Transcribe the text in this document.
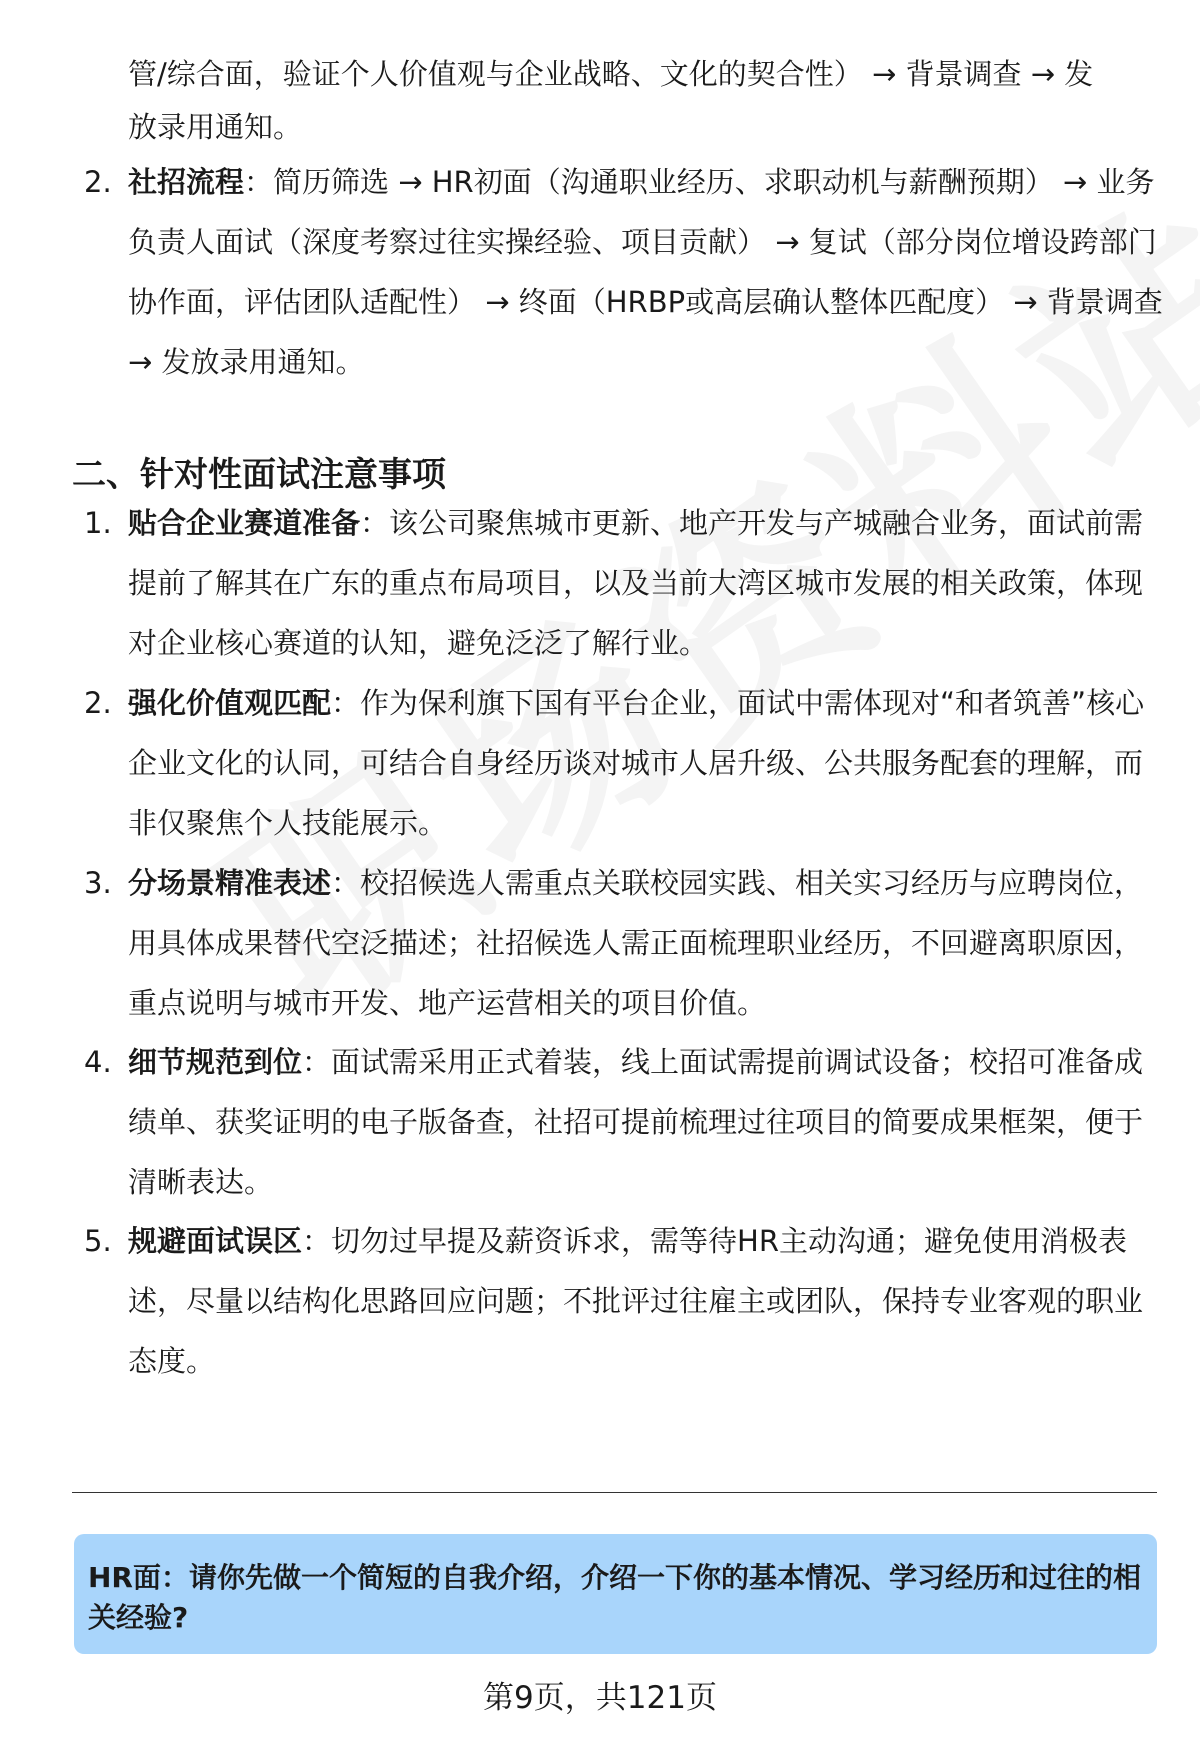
管/综合面，验证个人价值观与企业战略、文化的契合性） → 背景调查 → 发
放录用通知。
2. 社招流程：简历筛选 → HR初面（沟通职业经历、求职动机与薪酬预期） → 业务负责人面试（深度考察过往实操经验、项目贡献） → 复试（部分岗位增设跨部门协作面，评估团队适配性） → 终面（HRBP或高层确认整体匹配度） → 背景调查 → 发放录用通知。
二、针对性面试注意事项
1. 贴合企业赛道准备：该公司聚焦城市更新、地产开发与产城融合业务，面试前需提前了解其在广东的重点布局项目，以及当前大湾区城市发展的相关政策，体现对企业核心赛道的认知，避免泛泛了解行业。
2. 强化价值观匹配：作为保利旗下国有平台企业，面试中需体现对“和者筑善”核心企业文化的认同，可结合自身经历谈对城市人居升级、公共服务配套的理解，而非仅聚焦个人技能展示。
3. 分场景精准表述：校招候选人需重点关联校园实践、相关实习经历与应聘岗位，用具体成果替代空泛描述；社招候选人需正面梳理职业经历，不回避离职原因，重点说明与城市开发、地产运营相关的项目价值。
4. 细节规范到位：面试需采用正式着装，线上面试需提前调试设备；校招可准备成绩单、获奖证明的电子版备查，社招可提前梳理过往项目的简要成果框架，便于清晰表达。
5. 规避面试误区：切勿过早提及薪资诉求，需等待HR主动沟通；避免使用消极表述，尽量以结构化思路回应问题；不批评过往雇主或团队，保持专业客观的职业态度。
HR面：请你先做一个简短的自我介绍，介绍一下你的基本情况、学习经历和过往的相关经验?
第9页，共121页
